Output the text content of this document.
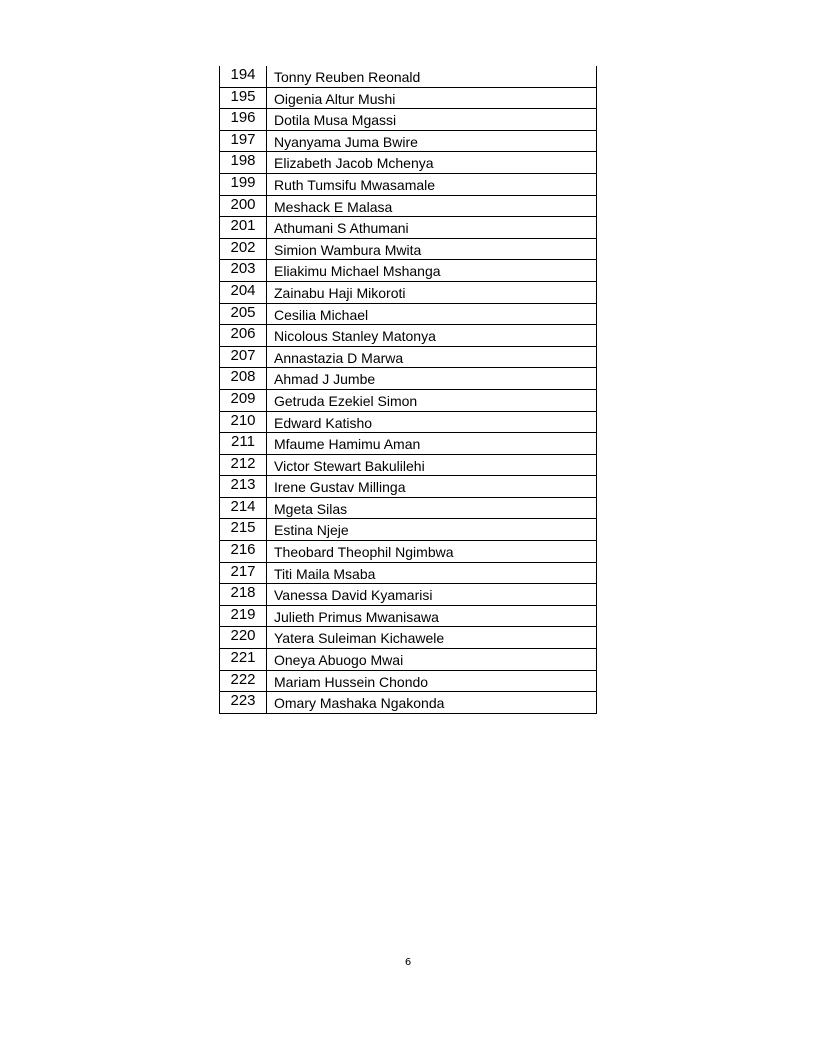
194	Tonny Reuben Reonald
195	Oigenia Altur Mushi
196	Dotila Musa Mgassi
197	Nyanyama Juma Bwire
198	Elizabeth Jacob Mchenya
199	Ruth Tumsifu Mwasamale
200	Meshack E Malasa
201	Athumani S Athumani
202	Simion Wambura Mwita
203	Eliakimu Michael Mshanga
204	Zainabu Haji Mikoroti
205	Cesilia Michael
206	Nicolous Stanley Matonya
207	Annastazia D Marwa
208	Ahmad J Jumbe
209	Getruda Ezekiel Simon
210	Edward Katisho
211	Mfaume Hamimu Aman
212	Victor Stewart Bakulilehi
213	Irene Gustav Millinga
214	Mgeta Silas
215	Estina Njeje
216	Theobard Theophil Ngimbwa
217	Titi Maila Msaba
218	Vanessa David Kyamarisi
219	Julieth Primus Mwanisawa
220	Yatera Suleiman Kichawele
221	Oneya Abuogo Mwai
222	Mariam Hussein Chondo
223	Omary Mashaka Ngakonda
6
